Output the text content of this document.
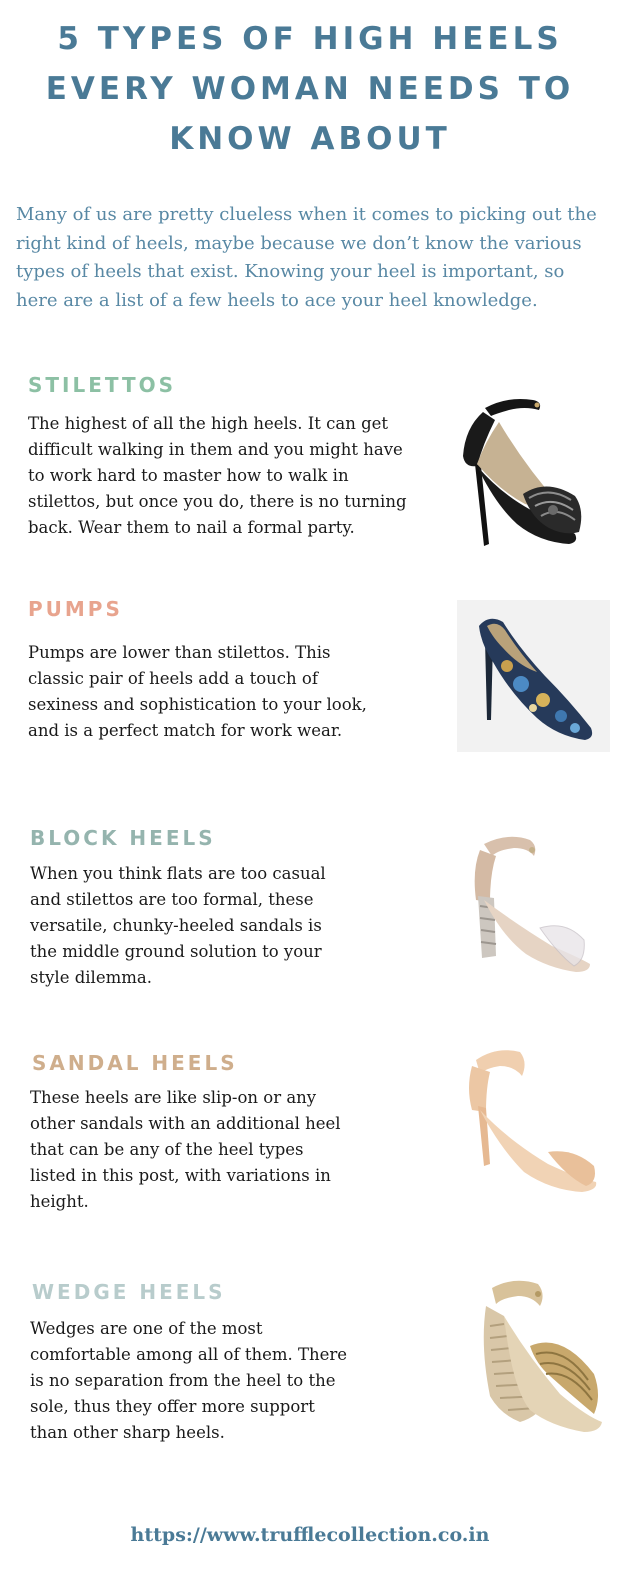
5 TYPES OF HIGH HEELS EVERY WOMAN NEEDS TO KNOW ABOUT

Many of us are pretty clueless when it comes to picking out the right kind of heels, maybe because we don’t know the various types of heels that exist. Knowing your heel is important, so here are a list of a few heels to ace your heel knowledge.

STILETTOS

The highest of all the high heels. It can get difficult walking in them and you might have to work hard to master how to walk in stilettos, but once you do, there is no turning back. Wear them to nail a formal party.

PUMPS

Pumps are lower than stilettos. This classic pair of heels add a touch of sexiness and sophistication to your look, and is a perfect match for work wear.

BLOCK HEELS

When you think flats are too casual and stilettos are too formal, these versatile, chunky-heeled sandals is the middle ground solution to your style dilemma.

SANDAL HEELS

These heels are like slip-on or any other sandals with an additional heel that can be any of the heel types listed in this post, with variations in height.

WEDGE HEELS

Wedges are one of the most comfortable among all of them. There is no separation from the heel to the sole, thus they offer more support than other sharp heels.

https://www.trufflecollection.co.in
